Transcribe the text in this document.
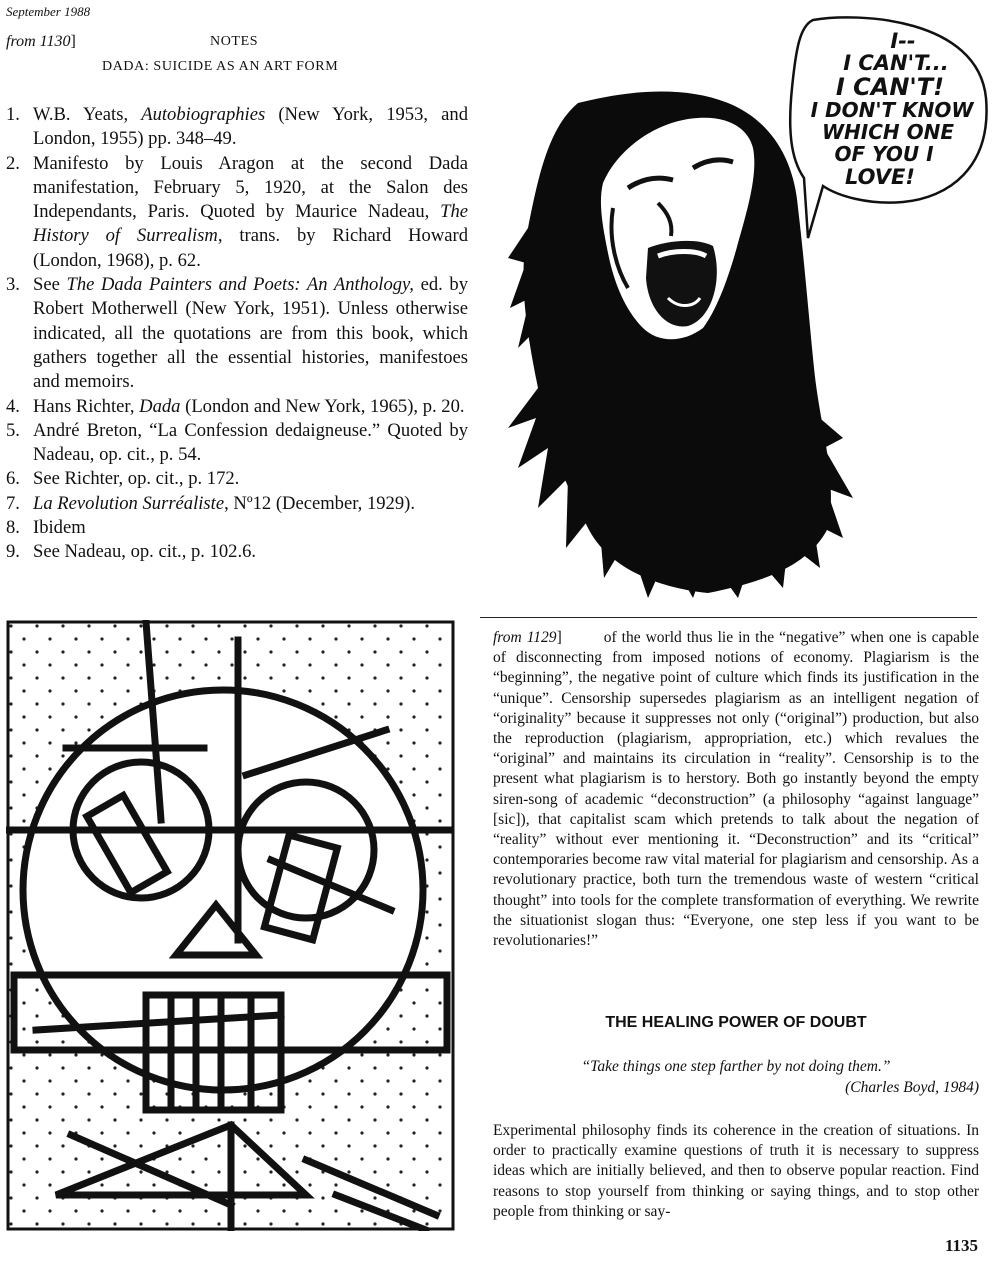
September 1988
from 1130]	NOTES
DADA: SUICIDE AS AN ART FORM
1. W.B. Yeats, Autobiographies (New York, 1953, and London, 1955) pp. 348–49.
2. Manifesto by Louis Aragon at the second Dada manifestation, February 5, 1920, at the Salon des Independants, Paris. Quoted by Maurice Nadeau, The History of Surrealism, trans. by Richard Howard (London, 1968), p. 62.
3. See The Dada Painters and Poets: An Anthology, ed. by Robert Motherwell (New York, 1951). Unless otherwise indicated, all the quotations are from this book, which gathers together all the essential histories, manifestoes and memoirs.
4. Hans Richter, Dada (London and New York, 1965), p. 20.
5. André Breton, “La Confession dedaigneuse.” Quoted by Nadeau, op. cit., p. 54.
6. See Richter, op. cit., p. 172.
7. La Revolution Surréaliste, Nº12 (December, 1929).
8. Ibidem
9. See Nadeau, op. cit., p. 102.6.
I--
I CAN'T...
I CAN'T!
I DON'T KNOW
WHICH ONE
OF YOU I
LOVE!
from 1129]	of the world thus lie in the “negative” when one is capable of disconnecting from imposed notions of economy. Plagiarism is the “beginning”, the negative point of culture which finds its justification in the “unique”. Censorship supersedes plagiarism as an intelligent negation of “originality” because it suppresses not only (“original”) production, but also the reproduction (plagiarism, appropriation, etc.) which revalues the “original” and maintains its circulation in “reality”. Censorship is to the present what plagiarism is to herstory. Both go instantly beyond the empty siren-song of academic “deconstruction” (a philosophy “against language” [sic]), that capitalist scam which pretends to talk about the negation of “reality” without ever mentioning it. “Deconstruction” and its “critical” contemporaries become raw vital material for plagiarism and censorship. As a revolutionary practice, both turn the tremendous waste of western “critical thought” into tools for the complete transformation of everything. We rewrite the situationist slogan thus: “Everyone, one step less if you want to be revolutionaries!”
THE HEALING POWER OF DOUBT
“Take things one step farther by not doing them.”
(Charles Boyd, 1984)
Experimental philosophy finds its coherence in the creation of situations. In order to practically examine questions of truth it is necessary to suppress ideas which are initially believed, and then to observe popular reaction. Find reasons to stop yourself from thinking or saying things, and to stop other people from thinking or say-
1135
